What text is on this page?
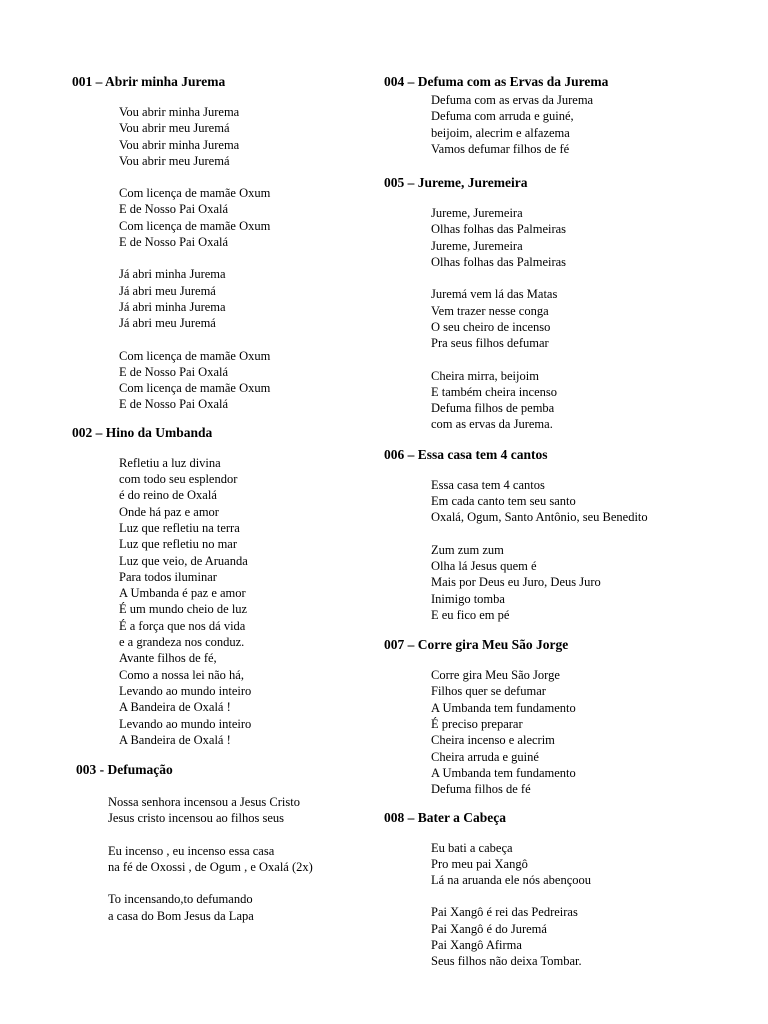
001 – Abrir minha Jurema
Vou abrir minha Jurema
Vou abrir meu Juremá
Vou abrir minha Jurema
Vou abrir meu Juremá
Com licença de mamãe Oxum
E de Nosso Pai Oxalá
Com licença de mamãe Oxum
E de Nosso Pai Oxalá
Já abri minha Jurema
Já abri meu Juremá
Já abri minha Jurema
Já abri meu Juremá
Com licença de mamãe Oxum
E de Nosso Pai Oxalá
Com licença de mamãe Oxum
E de Nosso Pai Oxalá
002 – Hino da Umbanda
Refletiu a luz divina
com todo seu esplendor
é do reino de Oxalá
Onde há paz e amor
Luz que refletiu na terra
Luz que refletiu no mar
Luz que veio, de Aruanda
Para todos iluminar
A Umbanda é paz e amor
É um mundo cheio de luz
É a força que nos dá vida
e a grandeza nos conduz.
Avante filhos de fé,
Como a nossa lei não há,
Levando ao mundo inteiro
A Bandeira de Oxalá !
Levando ao mundo inteiro
A Bandeira de Oxalá !
003 - Defumação
Nossa senhora incensou a Jesus Cristo
Jesus cristo incensou ao filhos seus
Eu incenso , eu incenso essa casa
na fé de Oxossi , de Ogum , e Oxalá (2x)
To incensando,to defumando
a casa do Bom Jesus da Lapa
004 – Defuma com as Ervas da Jurema
Defuma com as ervas da Jurema
Defuma com arruda e guiné,
beijoim, alecrim e alfazema
Vamos defumar filhos de fé
005 – Jureme, Juremeira
Jureme, Juremeira
Olhas folhas das Palmeiras
Jureme, Juremeira
Olhas folhas das Palmeiras
Juremá vem lá das Matas
Vem trazer nesse conga
O seu cheiro de incenso
Pra seus filhos defumar
Cheira mirra, beijoim
E também cheira incenso
Defuma filhos de pemba
com as ervas da Jurema.
006 – Essa casa tem 4 cantos
Essa casa tem 4 cantos
Em cada canto tem seu santo
Oxalá, Ogum, Santo Antônio, seu Benedito
Zum zum zum
Olha lá Jesus quem é
Mais por Deus eu Juro, Deus Juro
Inimigo tomba
E eu fico em pé
007 – Corre gira Meu São Jorge
Corre gira Meu São Jorge
Filhos quer se defumar
A Umbanda tem fundamento
É preciso preparar
Cheira incenso e alecrim
Cheira arruda e guiné
A Umbanda tem fundamento
Defuma filhos de fé
008 – Bater a Cabeça
Eu bati a cabeça
Pro meu pai Xangô
Lá na aruanda ele nós abençoou
Pai Xangô é rei das Pedreiras
Pai Xangô é do Juremá
Pai Xangô Afirma
Seus filhos não deixa Tombar.
